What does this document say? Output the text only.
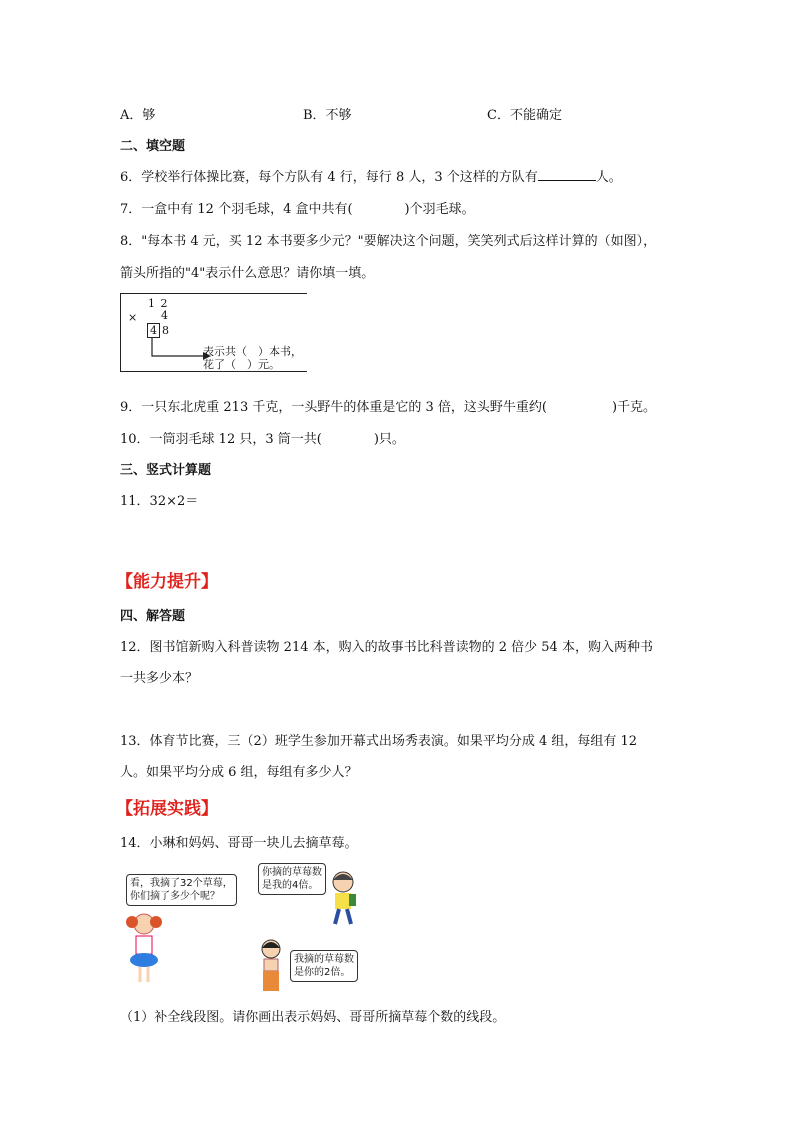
A．够	B．不够	C．不能确定
二、填空题
6．学校举行体操比赛，每个方队有 4 行，每行 8 人，3 个这样的方队有	人。
7．一盒中有 12 个羽毛球，4 盒中共有(　　　　)个羽毛球。
8．"每本书 4 元，买 12 本书要多少元？"要解决这个问题，笑笑列式后这样计算的（如图），
箭头所指的"4"表示什么意思？请你填一填。
1 2
× 4
4 8
表示共（　）本书，
花了（　）元。
9．一只东北虎重 213 千克，一头野牛的体重是它的 3 倍，这头野牛重约(　　　　　)千克。
10．一筒羽毛球 12 只，3 筒一共(　　　　)只。
三、竖式计算题
11．32×2＝
【能力提升】
四、解答题
12．图书馆新购入科普读物 214 本，购入的故事书比科普读物的 2 倍少 54 本，购入两种书
一共多少本？
13．体育节比赛，三（2）班学生参加开幕式出场秀表演。如果平均分成 4 组，每组有 12
人。如果平均分成 6 组，每组有多少人？
【拓展实践】
14．小琳和妈妈、哥哥一块儿去摘草莓。
看，我摘了32个草莓，
你们摘了多少个呢？
你摘的草莓数
是我的4倍。
我摘的草莓数
是你的2倍。
（1）补全线段图。请你画出表示妈妈、哥哥所摘草莓个数的线段。
